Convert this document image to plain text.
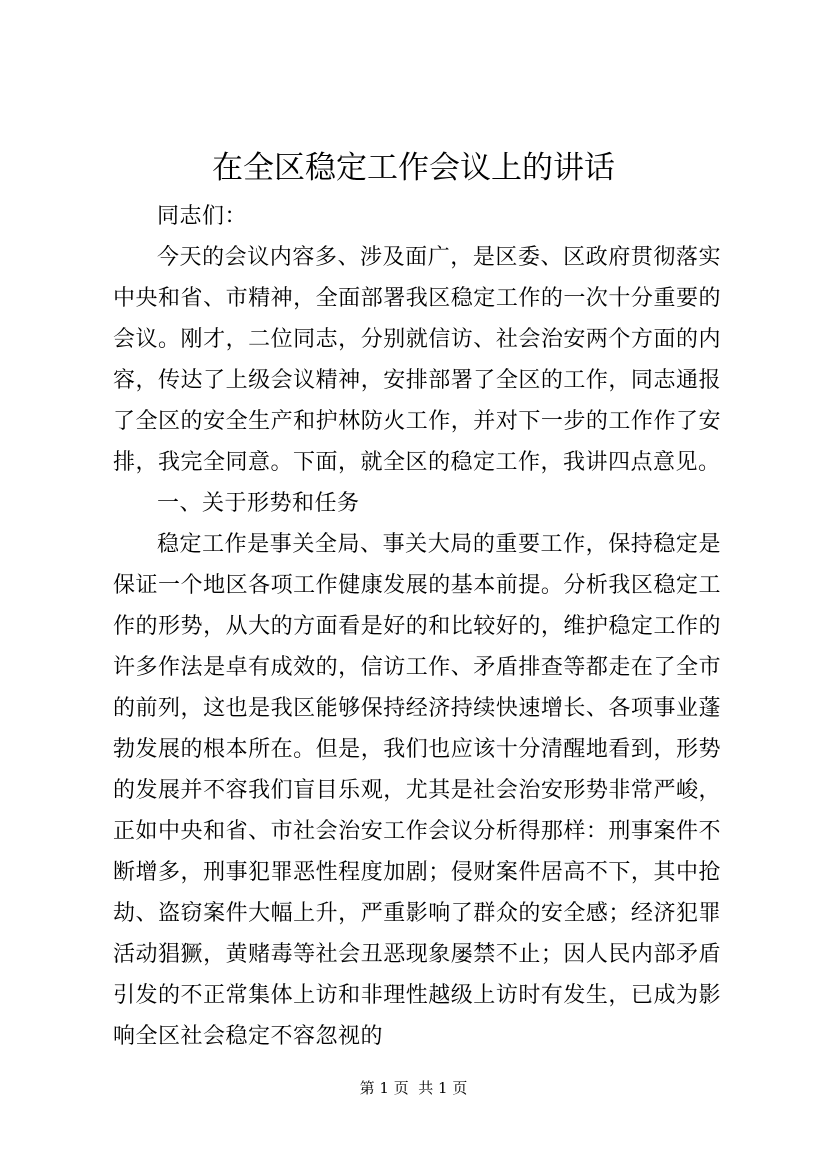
在全区稳定工作会议上的讲话

同志们：

今天的会议内容多、涉及面广，是区委、区政府贯彻落实中央和省、市精神，全面部署我区稳定工作的一次十分重要的会议。刚才，二位同志，分别就信访、社会治安两个方面的内容，传达了上级会议精神，安排部署了全区的工作，同志通报了全区的安全生产和护林防火工作，并对下一步的工作作了安排，我完全同意。下面，就全区的稳定工作，我讲四点意见。

一、关于形势和任务

稳定工作是事关全局、事关大局的重要工作，保持稳定是保证一个地区各项工作健康发展的基本前提。分析我区稳定工作的形势，从大的方面看是好的和比较好的，维护稳定工作的许多作法是卓有成效的，信访工作、矛盾排查等都走在了全市的前列，这也是我区能够保持经济持续快速增长、各项事业蓬勃发展的根本所在。但是，我们也应该十分清醒地看到，形势的发展并不容我们盲目乐观，尤其是社会治安形势非常严峻，正如中央和省、市社会治安工作会议分析得那样：刑事案件不断增多，刑事犯罪恶性程度加剧；侵财案件居高不下，其中抢劫、盗窃案件大幅上升，严重影响了群众的安全感；经济犯罪活动猖獗，黄赌毒等社会丑恶现象屡禁不止；因人民内部矛盾引发的不正常集体上访和非理性越级上访时有发生，已成为影响全区社会稳定不容忽视的

第 1 页  共 1 页
